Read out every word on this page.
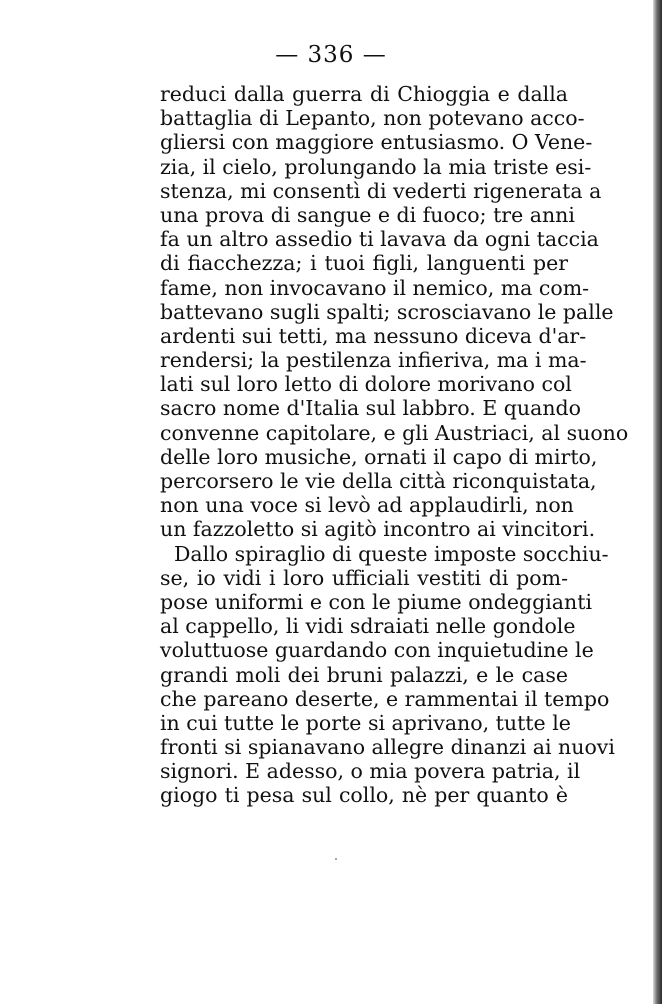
— 336 —
reduci dalla guerra di Chioggia e dalla
battaglia di Lepanto, non potevano acco-
gliersi con maggiore entusiasmo. O Vene-
zia, il cielo, prolungando la mia triste esi-
stenza, mi consentì di vederti rigenerata a
una prova di sangue e di fuoco; tre anni
fa un altro assedio ti lavava da ogni taccia
di fiacchezza; i tuoi figli, languenti per
fame, non invocavano il nemico, ma com-
battevano sugli spalti; scrosciavano le palle
ardenti sui tetti, ma nessuno diceva d'ar-
rendersi; la pestilenza infieriva, ma i ma-
lati sul loro letto di dolore morivano col
sacro nome d'Italia sul labbro. E quando
convenne capitolare, e gli Austriaci, al suono
delle loro musiche, ornati il capo di mirto,
percorsero le vie della città riconquistata,
non una voce si levò ad applaudirli, non
un fazzoletto si agitò incontro ai vincitori.
Dallo spiraglio di queste imposte socchiu-
se, io vidi i loro ufficiali vestiti di pom-
pose uniformi e con le piume ondeggianti
al cappello, li vidi sdraiati nelle gondole
voluttuose guardando con inquietudine le
grandi moli dei bruni palazzi, e le case
che pareano deserte, e rammentai il tempo
in cui tutte le porte si aprivano, tutte le
fronti si spianavano allegre dinanzi ai nuovi
signori. E adesso, o mia povera patria, il
giogo ti pesa sul collo, nè per quanto è
